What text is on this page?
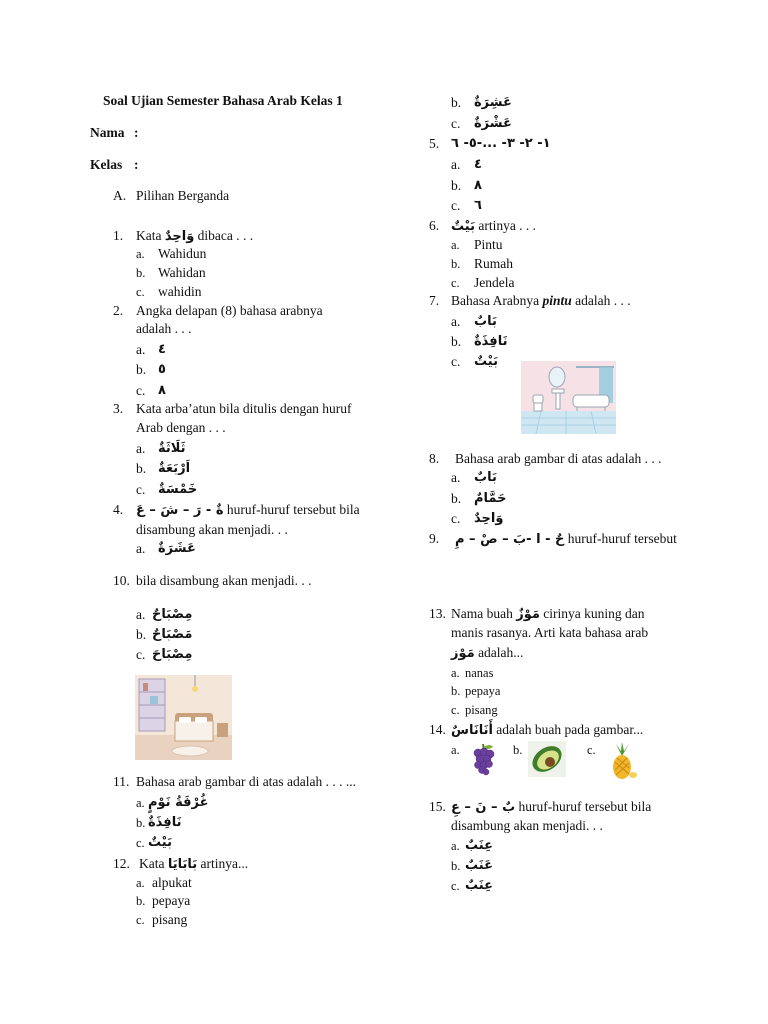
Soal Ujian Semester Bahasa Arab Kelas 1
Nama :
Kelas :
A. Pilihan Berganda
1. Kata وَاحِدٌ dibaca . . .
a. Wahidun
b. Wahidan
c. wahidin
2. Angka delapan (8) bahasa arabnya
adalah . . .
a. ٤
b. ٥
c. ٨
3. Kata arba’atun bila ditulis dengan huruf
Arab dengan . . .
a. ثَلَاثَةٌ
b. اَرْبَعَةٌ
c. خَمْسَةٌ
4. ةٌ - رَ – شَ – عَ huruf-huruf tersebut bila
disambung akan menjadi. . .
a. عَشَرَةٌ
10. bila disambung akan menjadi. . .
a. مِصْبَاحٌ
b. مَصْبَاحٌ
c. مِصْبَاحَ
11. Bahasa arab gambar di atas adalah . . . ...
a. غُرْفَةُ نَوْمٍ
b. نَافِذَةٌ
c. بَيْتٌ
12. Kata بَابَايَا artinya...
a. alpukat
b. pepaya
c. pisang
b. عَشِرَةٌ
c. عَشْرَةٌ
5. ١- ٢- ٣- ...-٥- ٦
a. ٤
b. ٨
c. ٦
6. بَيْتٌ artinya . . .
a. Pintu
b. Rumah
c. Jendela
7. Bahasa Arabnya pintu adalah . . .
a. بَابٌ
b. نَافِذَةٌ
c. بَيْتٌ
8. Bahasa arab gambar di atas adalah . . .
a. بَابٌ
b. حَمَّامٌ
c. وَاحِدٌ
9. حٌ - ا -بَ – صْ – مِ huruf-huruf tersebut
13. Nama buah مَوْزٌ cirinya kuning dan
manis rasanya. Arti kata bahasa arab
مَوْز adalah...
a. nanas
b. pepaya
c. pisang
14. أَنَانَاسٌ adalah buah pada gambar...
a.	b.	c.
15. بٌ – نَ – عِ huruf-huruf tersebut bila
disambung akan menjadi. . .
a. عِنَبٌ
b. عَنَبٌ
c. عِنَبٌ
